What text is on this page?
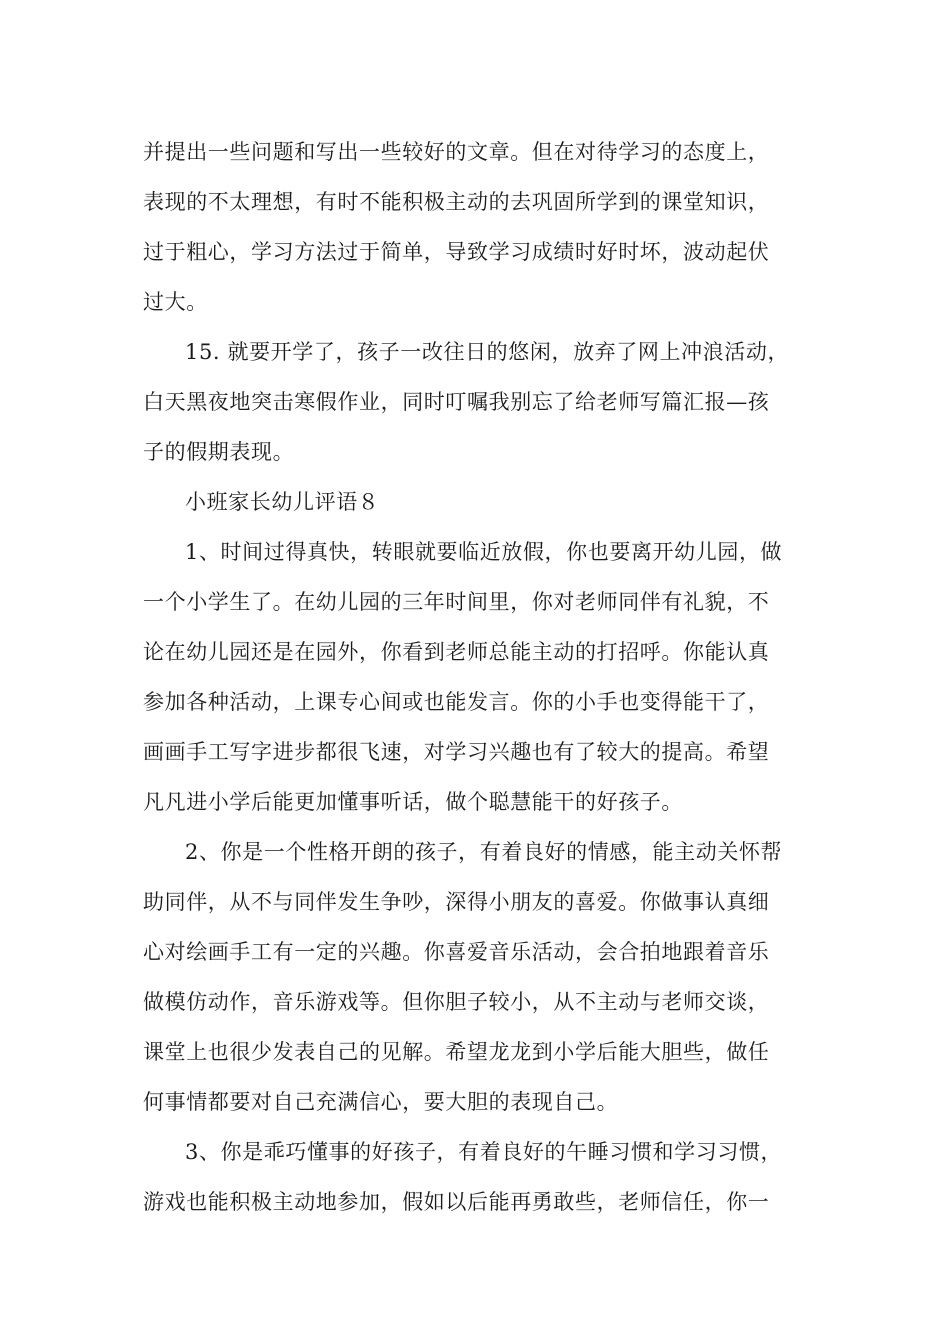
并提出一些问题和写出一些较好的文章。但在对待学习的态度上，
表现的不太理想，有时不能积极主动的去巩固所学到的课堂知识，
过于粗心，学习方法过于简单，导致学习成绩时好时坏，波动起伏
过大。

15. 就要开学了，孩子一改往日的悠闲，放弃了网上冲浪活动，
白天黑夜地突击寒假作业，同时叮嘱我别忘了给老师写篇汇报—孩
子的假期表现。

小班家长幼儿评语８

1、时间过得真快，转眼就要临近放假，你也要离开幼儿园，做
一个小学生了。在幼儿园的三年时间里，你对老师同伴有礼貌，不
论在幼儿园还是在园外，你看到老师总能主动的打招呼。你能认真
参加各种活动，上课专心间或也能发言。你的小手也变得能干了，
画画手工写字进步都很飞速，对学习兴趣也有了较大的提高。希望
凡凡进小学后能更加懂事听话，做个聪慧能干的好孩子。

2、你是一个性格开朗的孩子，有着良好的情感，能主动关怀帮
助同伴，从不与同伴发生争吵，深得小朋友的喜爱。你做事认真细
心对绘画手工有一定的兴趣。你喜爱音乐活动，会合拍地跟着音乐
做模仿动作，音乐游戏等。但你胆子较小，从不主动与老师交谈，
课堂上也很少发表自己的见解。希望龙龙到小学后能大胆些，做任
何事情都要对自己充满信心，要大胆的表现自己。

3、你是乖巧懂事的好孩子，有着良好的午睡习惯和学习习惯，
游戏也能积极主动地参加，假如以后能再勇敢些，老师信任，你一
